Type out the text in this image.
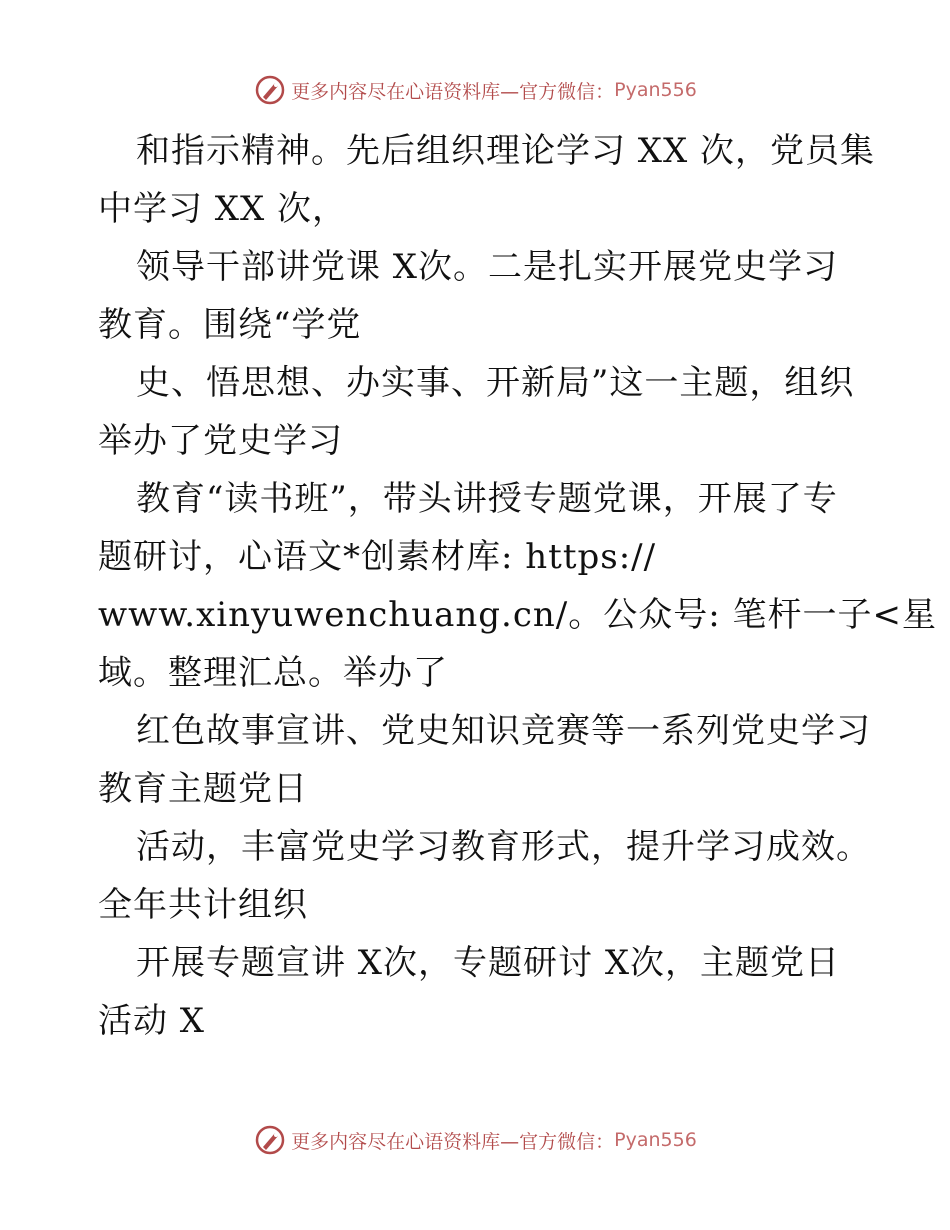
更多内容尽在心语资料库—官方微信： Pyan556
和指示精神。先后组织理论学习 XX 次，党员集
中学习 XX 次，
领导干部讲党课 X次。二是扎实开展党史学习
教育。围绕“学党
史、悟思想、办实事、开新局”这一主题，组织
举办了党史学习
教育“读书班”，带头讲授专题党课，开展了专
题研讨，心语文*创素材库: https://
www.xinyuwenchuang.cn/。公众号: 笔杆一子<星
域。整理汇总。举办了
红色故事宣讲、党史知识竞赛等一系列党史学习
教育主题党日
活动，丰富党史学习教育形式，提升学习成效。
全年共计组织
开展专题宣讲 X次，专题研讨 X次，主题党日
活动 X
更多内容尽在心语资料库—官方微信： Pyan556
